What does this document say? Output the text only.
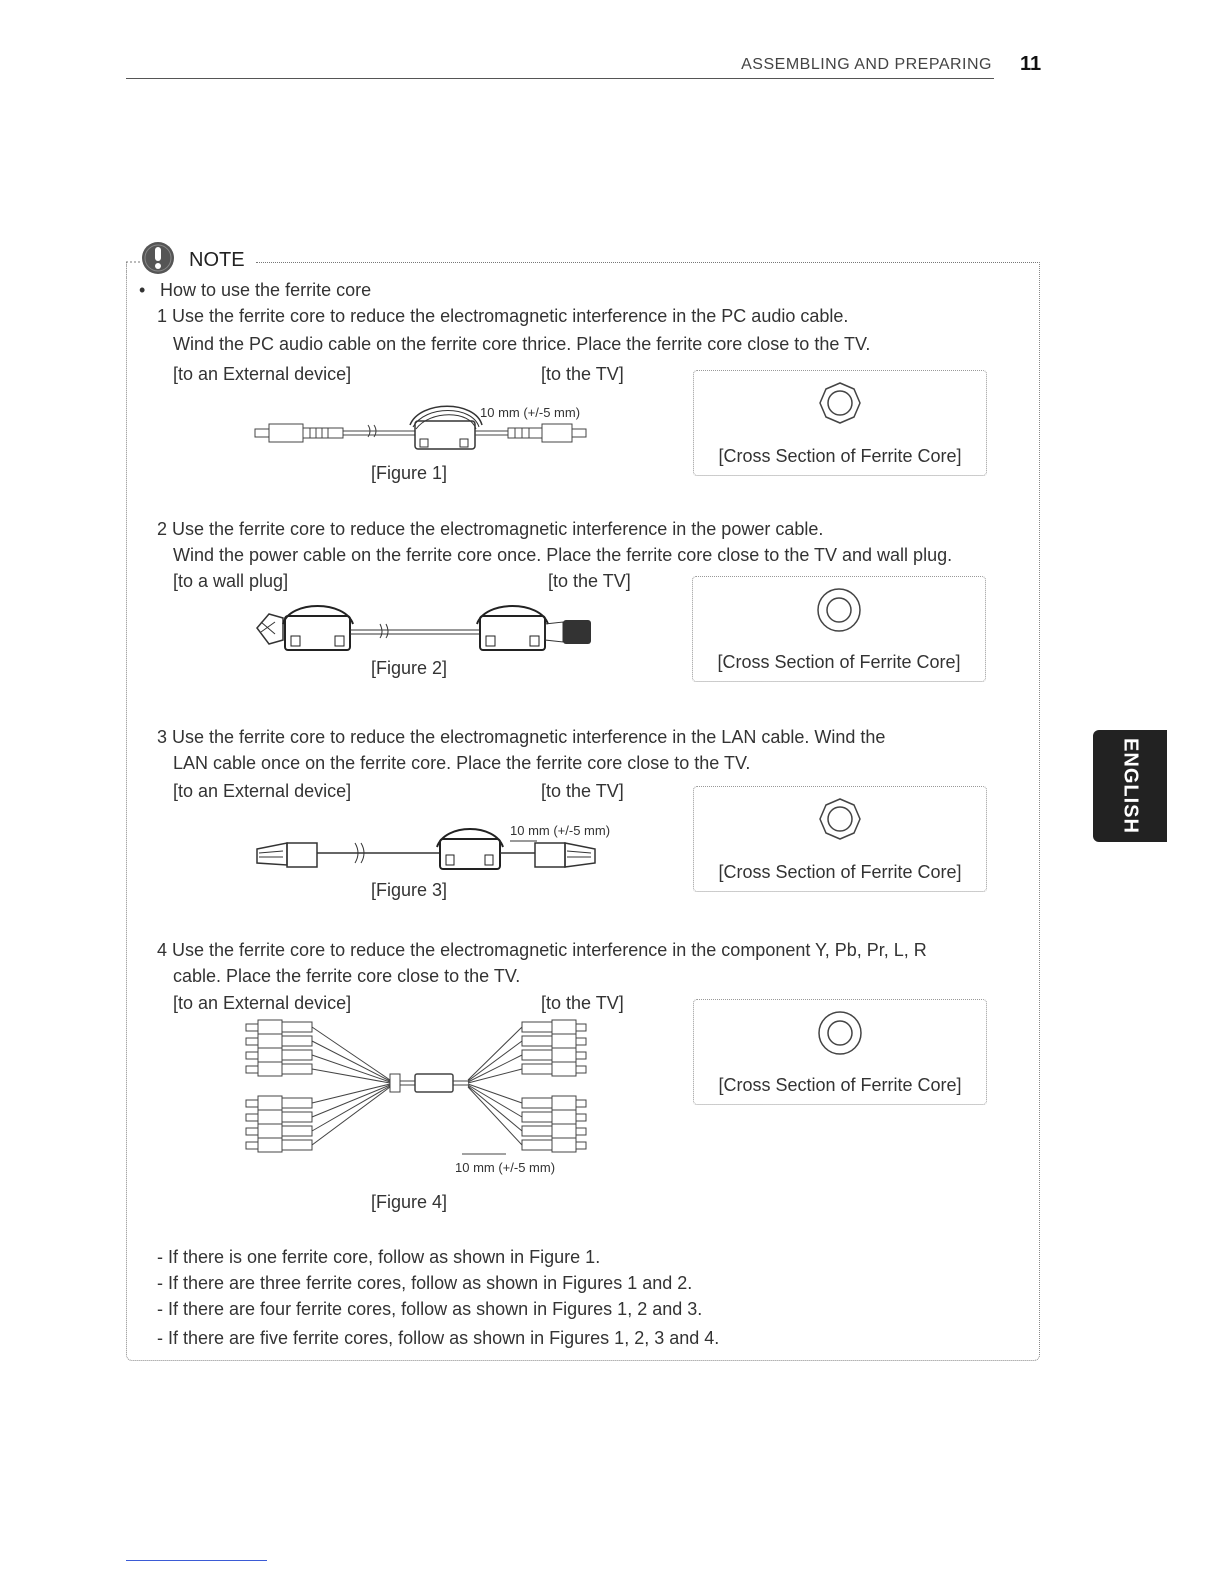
ASSEMBLING AND PREPARING 11
ENGLISH
NOTE
• How to use the ferrite core
1 Use the ferrite core to reduce the electromagnetic interference in the PC audio cable.
Wind the PC audio cable on the ferrite core thrice. Place the ferrite core close to the TV.
[to an External device]	[to the TV]
10 mm (+/-5 mm)
[Figure 1]
[Cross Section of Ferrite Core]
2 Use the ferrite core to reduce the electromagnetic interference in the power cable.
Wind the power cable on the ferrite core once. Place the ferrite core close to the TV and wall plug.
[to a wall plug]	[to the TV]
[Figure 2]	[Cross Section of Ferrite Core]
3 Use the ferrite core to reduce the electromagnetic interference in the LAN cable. Wind the
LAN cable once on the ferrite core. Place the ferrite core close to the TV.
[to an External device]	[to the TV]
10 mm (+/-5 mm)
[Figure 3]
[Cross Section of Ferrite Core]
4 Use the ferrite core to reduce the electromagnetic interference in the component Y, Pb, Pr, L, R
cable. Place the ferrite core close to the TV.
[to an External device]	[to the TV]
10 mm (+/-5 mm)
[Figure 4]
[Cross Section of Ferrite Core]
- If there is one ferrite core, follow as shown in Figure 1.
- If there are three ferrite cores, follow as shown in Figures 1 and 2.
- If there are four ferrite cores, follow as shown in Figures 1, 2 and 3.
- If there are five ferrite cores, follow as shown in Figures 1, 2, 3 and 4.
